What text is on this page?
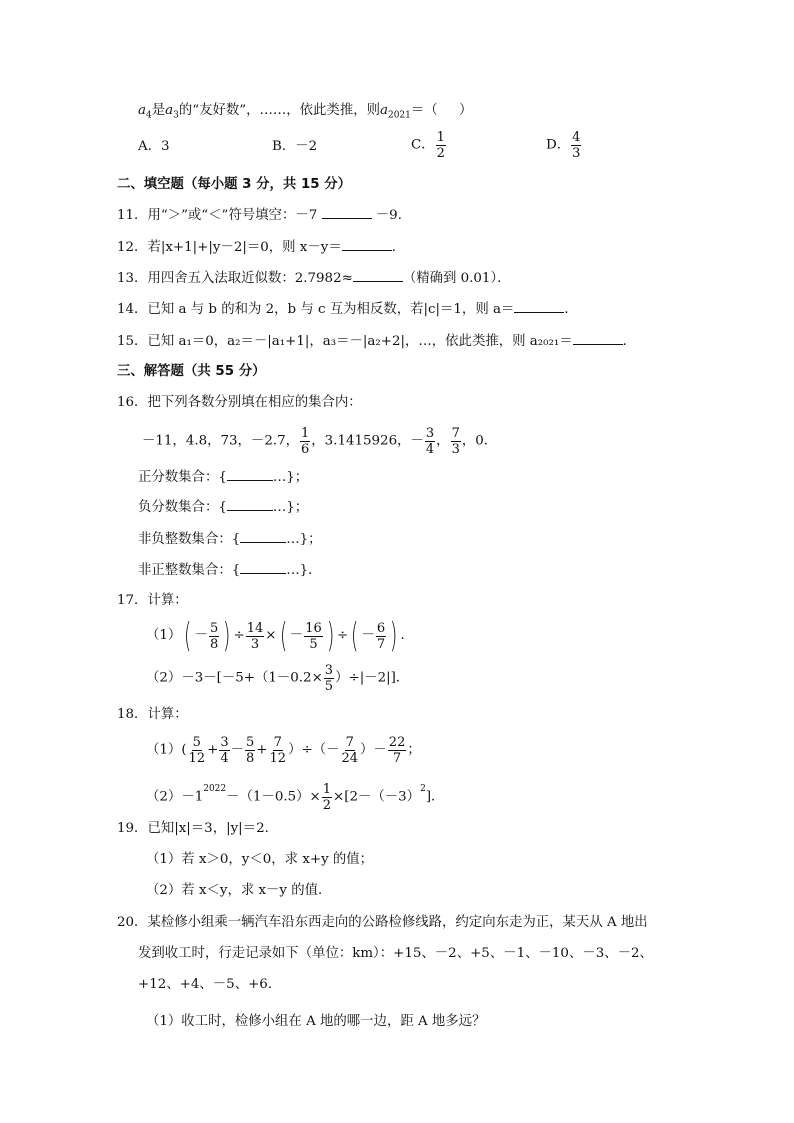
$a_4$是$a_3$的“友好数”，……，依此类推，则$a_{2021}=$（     ）
A．3	B．－2	C． $\frac{1}{2}$	D． $\frac{4}{3}$
二、填空题（每小题 3 分，共 15 分）
11．用“＞”或“＜”符号填空：－7	－9．
12．若|x+1|+|y－2|＝0，则 x－y＝	．
13．用四舍五入法取近似数：2.7982≈	（精确到 0.01）．
14．已知 a 与 b 的和为 2，b 与 c 互为相反数，若|c|＝1，则 a＝	．
15．已知 a₁＝0，a₂＝－|a₁+1|，a₃＝－|a₂+2|，…，依此类推，则 a₂₀₂₁＝	．
三、解答题（共 55 分）
16．把下列各数分别填在相应的集合内：
－11，4.8，73，－2.7， $\frac{1}{6}$ ，3.1415926，－ $\frac{3}{4}$ ， $\frac{7}{3}$ ，0．
正分数集合：{	…}；
负分数集合：{	…}；
非负整数集合：{	…}；
非正整数集合：{	…}．
17．计算：
$(1)( - \frac{5}{8}$ ) ÷ $\frac{14}{3}$ ×( － $\frac{16}{5}$ ) ÷( － $\frac{6}{7}$ ) ．
$(2)-3-[-5+(1-0.2\times \frac{3}{5} )\div|-2|]$．
18．计算：
$(1)( \frac{5}{12} + \frac{3}{4} - \frac{5}{8} + \frac{7}{12}$ ）÷（－ $\frac{7}{24}$ ）－ $\frac{22}{7}$ ；
$(2)-1^{2022}-(1-0.5)\times \frac{1}{2} \times[2-(-3)^2]$．
19．已知|x|＝3，|y|＝2．
（1）若 x＞0，y＜0，求 x+y 的值；
（2）若 x＜y，求 x－y 的值．
20．某检修小组乘一辆汽车沿东西走向的公路检修线路，约定向东走为正，某天从 A 地出
发到收工时，行走记录如下（单位：km）：+15、－2、+5、－1、－10、－3、－2、
+12、+4、－5、+6．
（1）收工时，检修小组在 A 地的哪一边，距 A 地多远？
